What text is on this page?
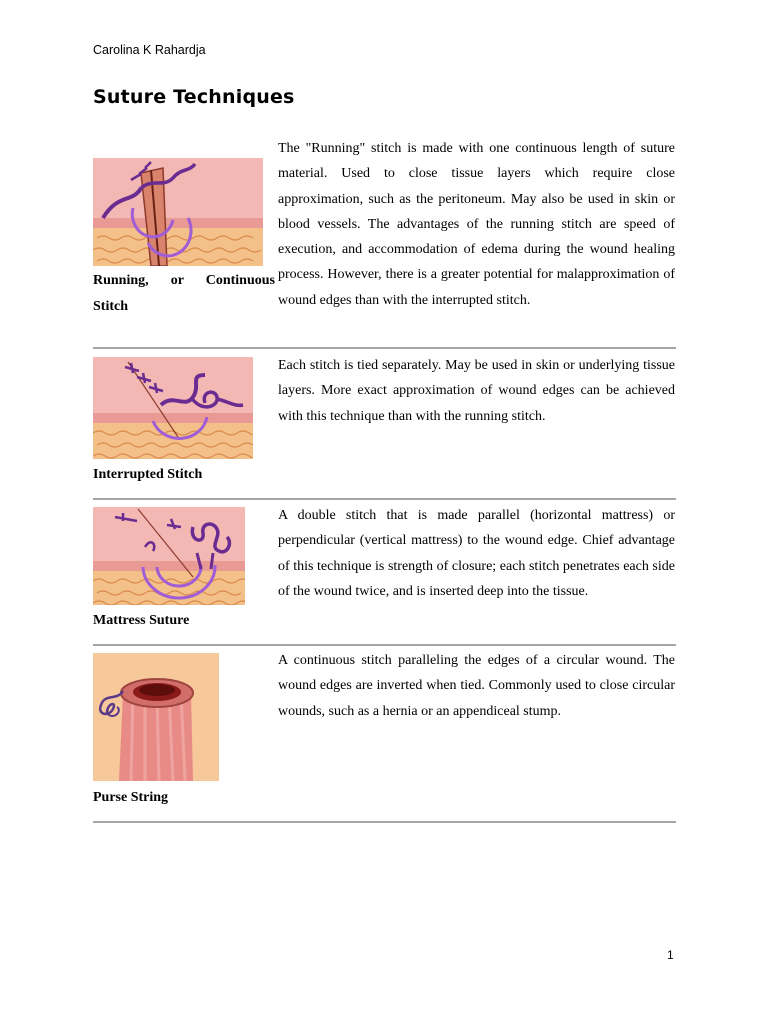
Carolina K Rahardja
Suture Techniques
Running, or Continuous Stitch
The "Running" stitch is made with one continuous length of suture material. Used to close tissue layers which require close approximation, such as the peritoneum. May also be used in skin or blood vessels. The advantages of the running stitch are speed of execution, and accommodation of edema during the wound healing process. However, there is a greater potential for malapproximation of wound edges than with the interrupted stitch.
Interrupted Stitch
Each stitch is tied separately. May be used in skin or underlying tissue layers. More exact approximation of wound edges can be achieved with this technique than with the running stitch.
Mattress Suture
A double stitch that is made parallel (horizontal mattress) or perpendicular (vertical mattress) to the wound edge. Chief advantage of this technique is strength of closure; each stitch penetrates each side of the wound twice, and is inserted deep into the tissue.
Purse String
A continuous stitch paralleling the edges of a circular wound. The wound edges are inverted when tied. Commonly used to close circular wounds, such as a hernia or an appendiceal stump.
1
